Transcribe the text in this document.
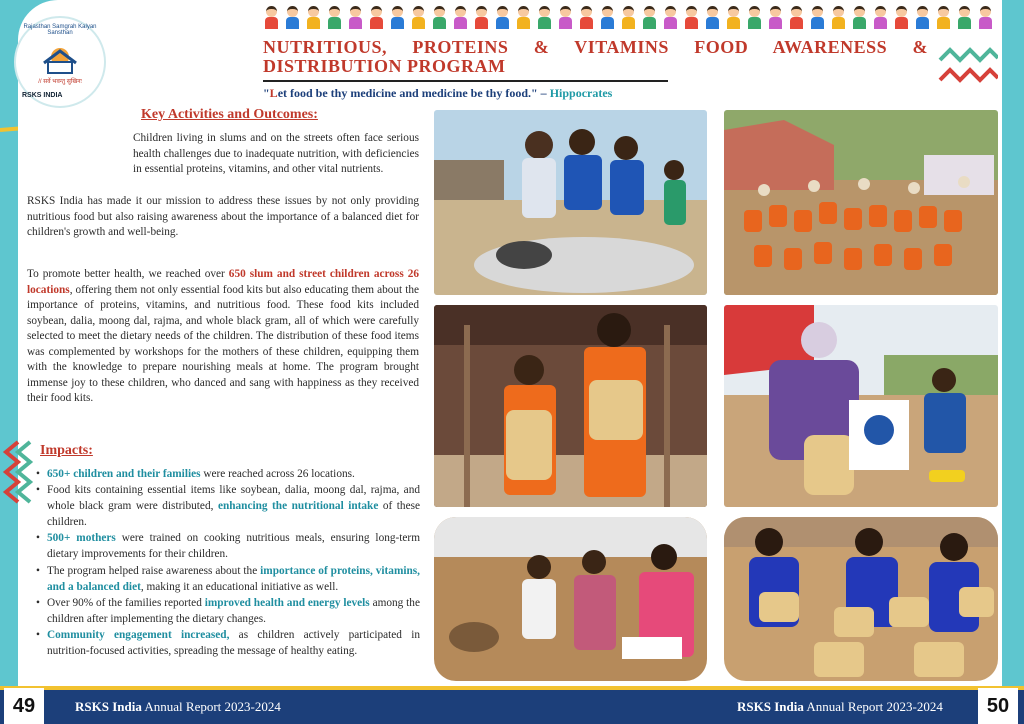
Rajasthan Samgrah Kalyan Sansthan
// सर्वे भवन्तु सुखिनः
RSKS INDIA
NUTRITIOUS, PROTEINS & VITAMINS FOOD AWARENESS & DISTRIBUTION PROGRAM
"Let food be thy medicine and medicine be thy food." – Hippocrates
Key Activities and Outcomes:
Children living in slums and on the streets often face serious health challenges due to inadequate nutrition, with deficiencies in essential proteins, vitamins, and other vital nutrients.
RSKS India has made it our mission to address these issues by not only providing nutritious food but also raising awareness about the importance of a balanced diet for children's growth and well-being.
To promote better health, we reached over 650 slum and street children across 26 locations, offering them not only essential food kits but also educating them about the importance of proteins, vitamins, and nutritious food. These food kits included soybean, dalia, moong dal, rajma, and whole black gram, all of which were carefully selected to meet the dietary needs of the children. The distribution of these food items was complemented by workshops for the mothers of these children, equipping them with the knowledge to prepare nourishing meals at home. The program brought immense joy to these children, who danced and sang with happiness as they received their food kits.
Impacts:
• 650+ children and their families were reached across 26 locations.
• Food kits containing essential items like soybean, dalia, moong dal, rajma, and whole black gram were distributed, enhancing the nutritional intake of these children.
• 500+ mothers were trained on cooking nutritious meals, ensuring long-term dietary improvements for their children.
• The program helped raise awareness about the importance of proteins, vitamins, and a balanced diet, making it an educational initiative as well.
• Over 90% of the families reported improved health and energy levels among the children after implementing the dietary changes.
• Community engagement increased, as children actively participated in nutrition-focused activities, spreading the message of healthy eating.
49	50
RSKS India Annual Report 2023-2024	RSKS India Annual Report 2023-2024
